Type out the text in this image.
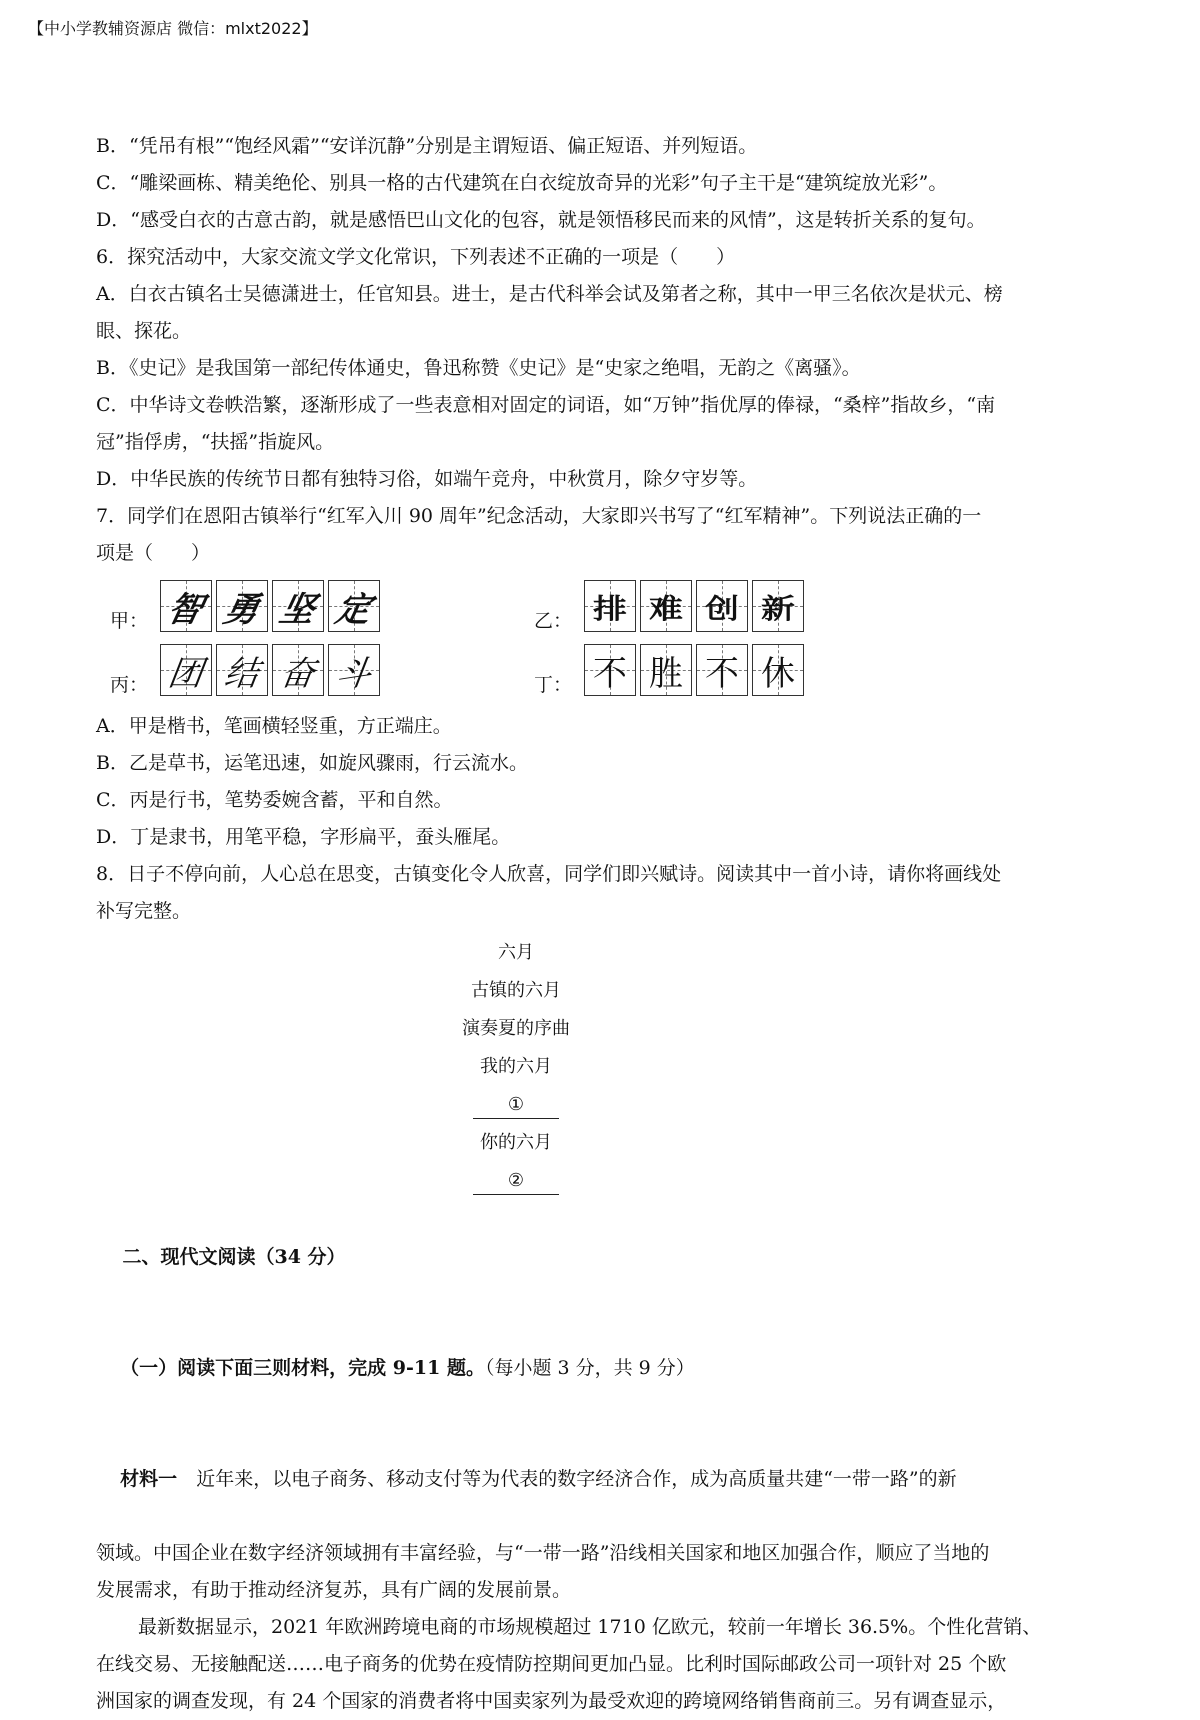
【中小学教辅资源店 微信：mlxt2022】
B．“凭吊有根”“饱经风霜”“安详沉静”分别是主谓短语、偏正短语、并列短语。
C．“雕梁画栋、精美绝伦、别具一格的古代建筑在白衣绽放奇异的光彩”句子主干是“建筑绽放光彩”。
D．“感受白衣的古意古韵，就是感悟巴山文化的包容，就是领悟移民而来的风情”，这是转折关系的复句。
6．探究活动中，大家交流文学文化常识，下列表述不正确的一项是（　　）
A．白衣古镇名士吴德潇进士，任官知县。进士，是古代科举会试及第者之称，其中一甲三名依次是状元、榜
眼、探花。
B．《史记》是我国第一部纪传体通史，鲁迅称赞《史记》是“史家之绝唱，无韵之《离骚》。
C．中华诗文卷帙浩繁，逐渐形成了一些表意相对固定的词语，如“万钟”指优厚的俸禄，“桑梓”指故乡，“南
冠”指俘虏，“扶摇”指旋风。
D．中华民族的传统节日都有独特习俗，如端午竞舟，中秋赏月，除夕守岁等。
7．同学们在恩阳古镇举行“红军入川 90 周年”纪念活动，大家即兴书写了“红军精神”。下列说法正确的一
项是（　　）
甲： 智 勇 坚 定	乙： 排 难 创 新
丙： 团 结 奋 斗	丁： 不 胜 不 休
A．甲是楷书，笔画横轻竖重，方正端庄。
B．乙是草书，运笔迅速，如旋风骤雨，行云流水。
C．丙是行书，笔势委婉含蓄，平和自然。
D．丁是隶书，用笔平稳，字形扁平，蚕头雁尾。
8．日子不停向前，人心总在思变，古镇变化令人欣喜，同学们即兴赋诗。阅读其中一首小诗，请你将画线处
补写完整。
六月
古镇的六月
演奏夏的序曲
我的六月
①
你的六月
②

二、现代文阅读（34 分）

（一）阅读下面三则材料，完成 9-11 题。（每小题 3 分，共 9 分）

材料一　近年来，以电子商务、移动支付等为代表的数字经济合作，成为高质量共建“一带一路”的新

领域。中国企业在数字经济领域拥有丰富经验，与“一带一路”沿线相关国家和地区加强合作，顺应了当地的
发展需求，有助于推动经济复苏，具有广阔的发展前景。
最新数据显示，2021 年欧洲跨境电商的市场规模超过 1710 亿欧元，较前一年增长 36.5%。个性化营销、
在线交易、无接触配送……电子商务的优势在疫情防控期间更加凸显。比利时国际邮政公司一项针对 25 个欧
洲国家的调查发现，有 24 个国家的消费者将中国卖家列为最受欢迎的跨境网络销售商前三。另有调查显示，
